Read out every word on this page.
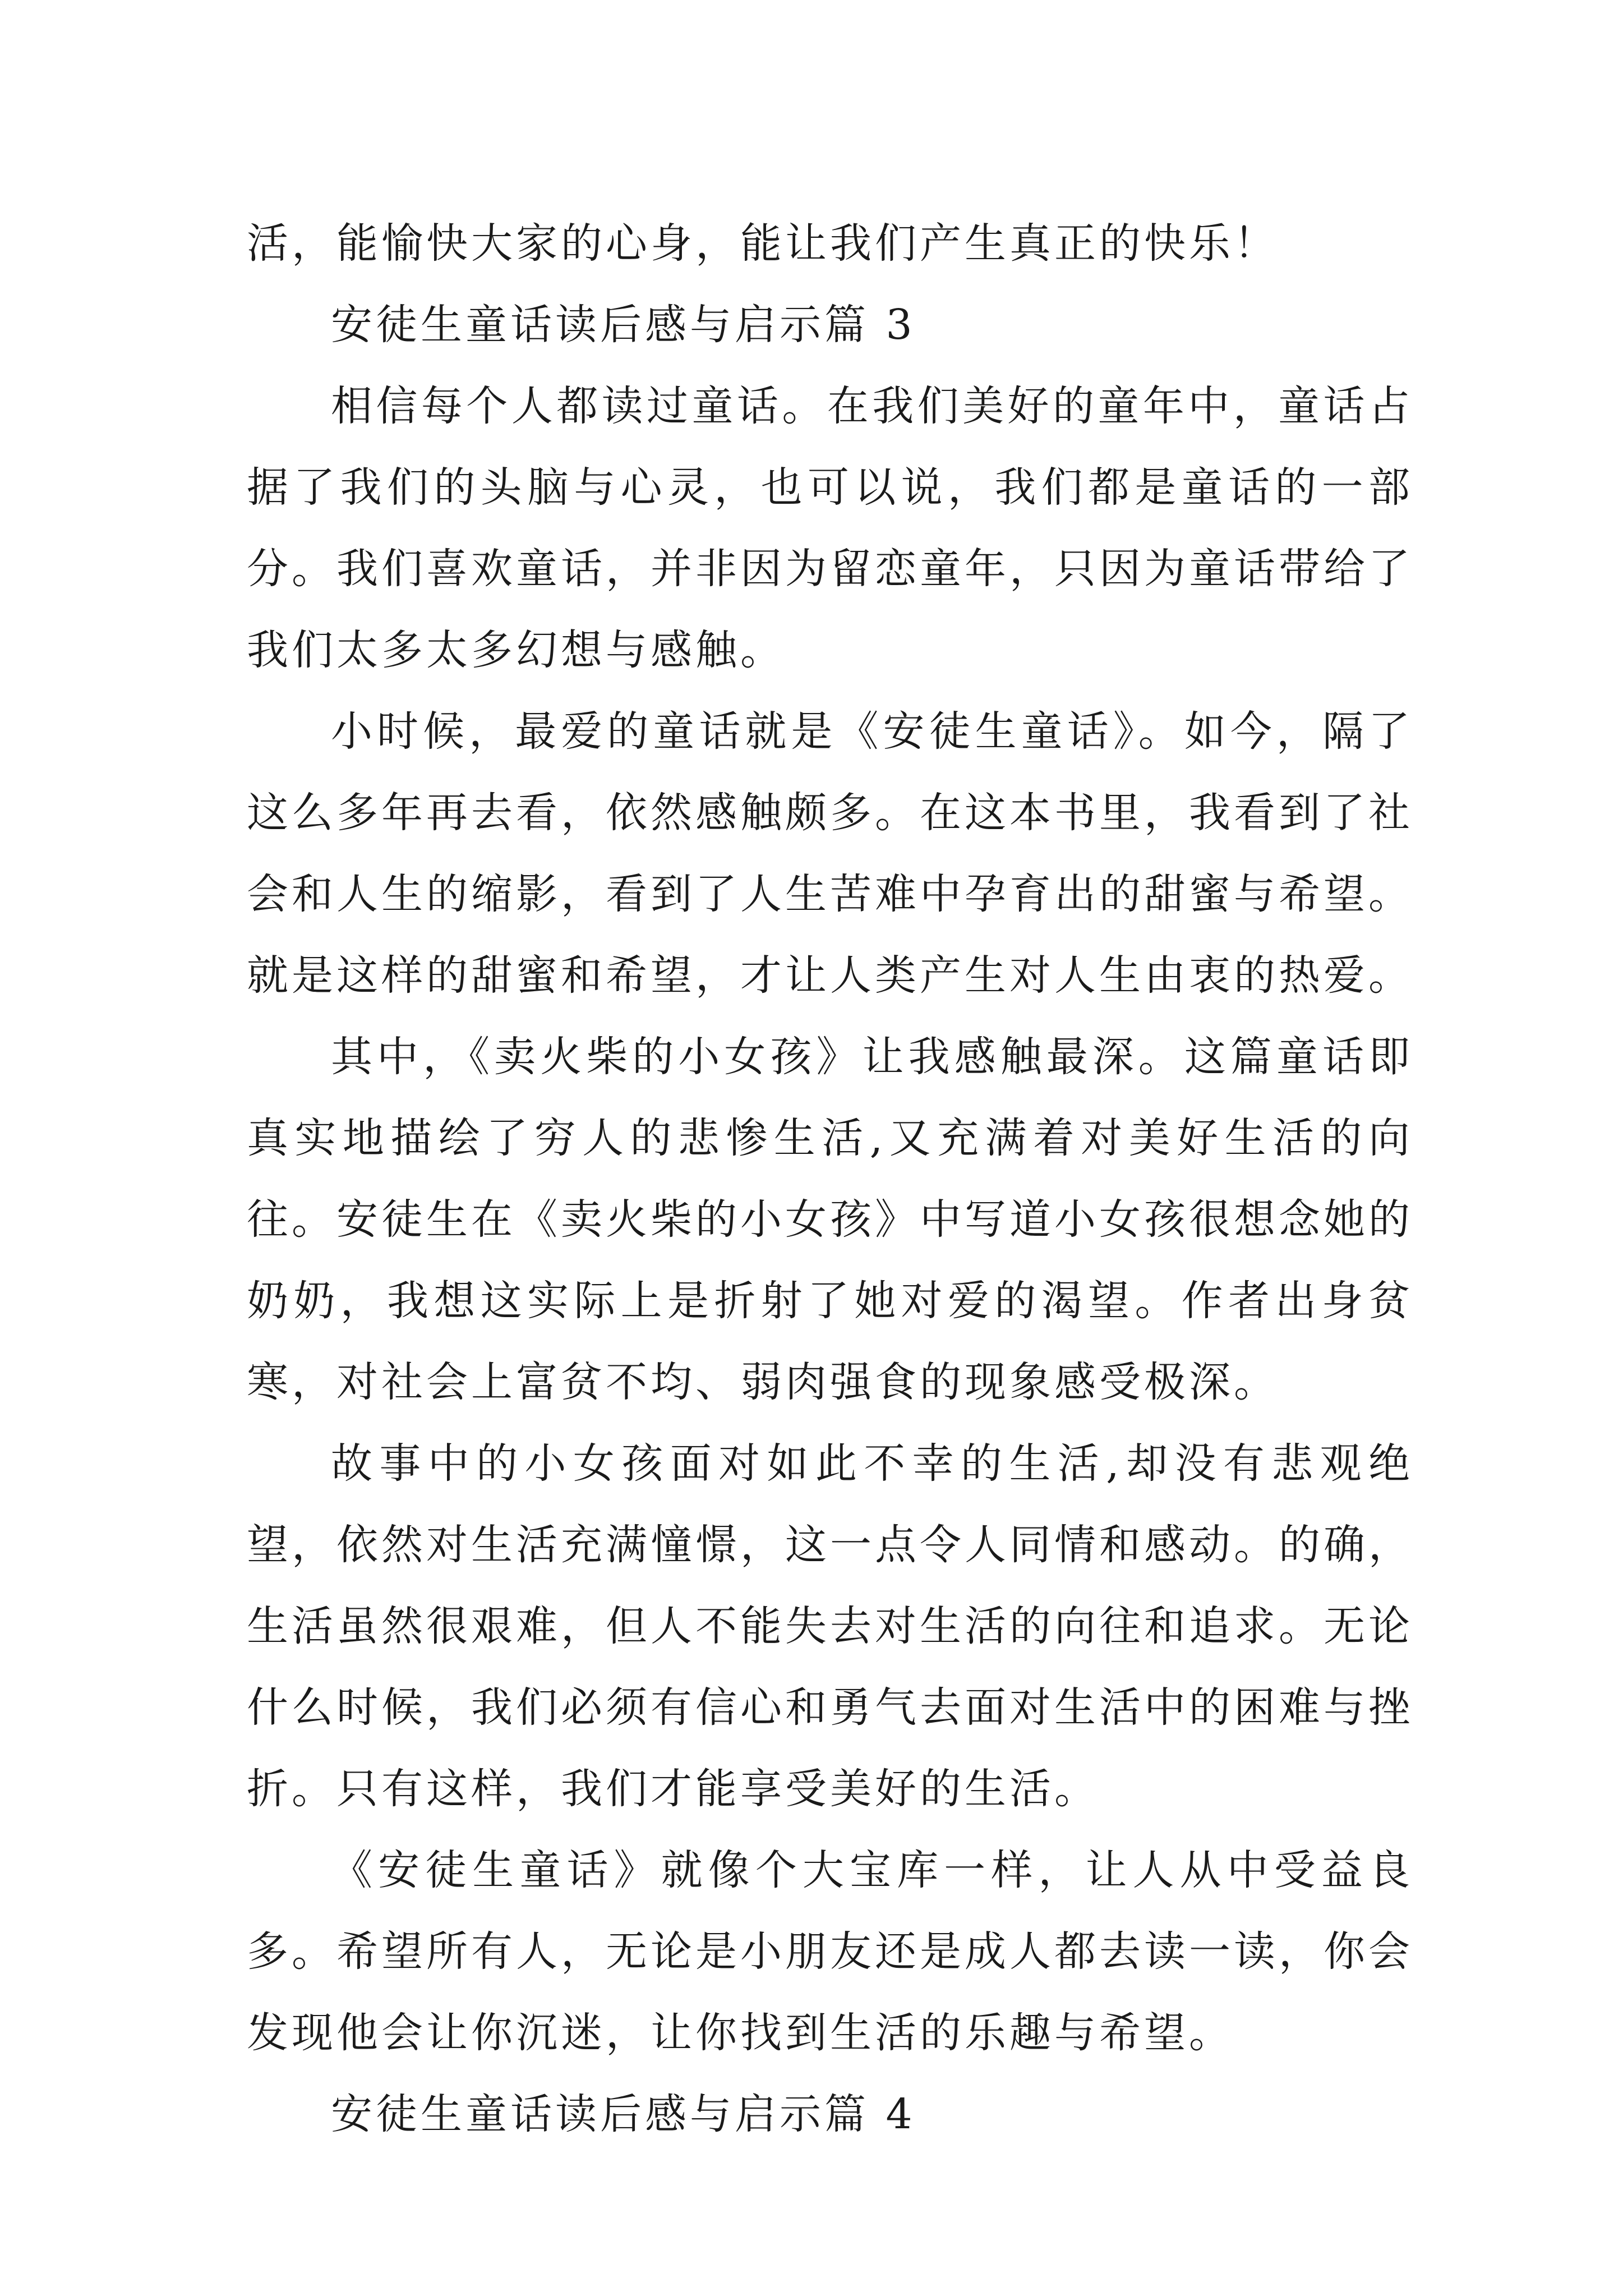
活，能愉快大家的心身，能让我们产生真正的快乐！

安徒生童话读后感与启示篇 3

相信每个人都读过童话。在我们美好的童年中，童话占据了我们的头脑与心灵，也可以说，我们都是童话的一部分。我们喜欢童话，并非因为留恋童年，只因为童话带给了我们太多太多幻想与感触。

小时候，最爱的童话就是《安徒生童话》。如今，隔了这么多年再去看，依然感触颇多。在这本书里，我看到了社会和人生的缩影，看到了人生苦难中孕育出的甜蜜与希望。就是这样的甜蜜和希望，才让人类产生对人生由衷的热爱。

其中，《卖火柴的小女孩》让我感触最深。这篇童话即真实地描绘了穷人的悲惨生活,又充满着对美好生活的向往。安徒生在《卖火柴的小女孩》中写道小女孩很想念她的奶奶，我想这实际上是折射了她对爱的渴望。作者出身贫寒，对社会上富贫不均、弱肉强食的现象感受极深。

故事中的小女孩面对如此不幸的生活,却没有悲观绝望，依然对生活充满憧憬，这一点令人同情和感动。的确，生活虽然很艰难，但人不能失去对生活的向往和追求。无论什么时候，我们必须有信心和勇气去面对生活中的困难与挫折。只有这样，我们才能享受美好的生活。

《安徒生童话》就像个大宝库一样，让人从中受益良多。希望所有人，无论是小朋友还是成人都去读一读，你会发现他会让你沉迷，让你找到生活的乐趣与希望。

安徒生童话读后感与启示篇 4
